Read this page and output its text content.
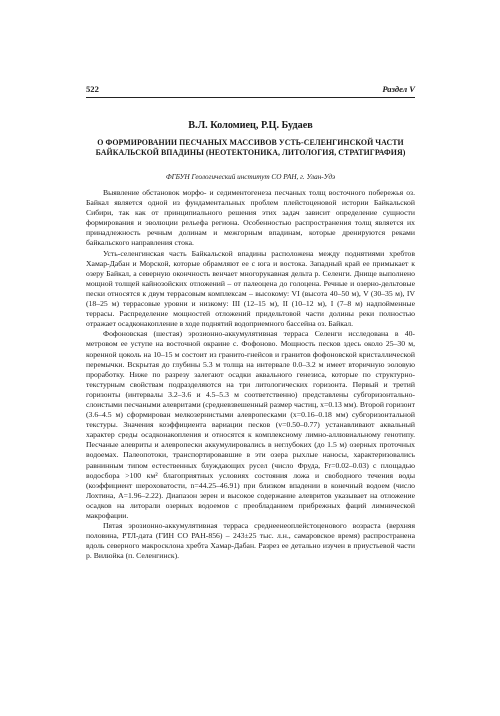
522	Раздел V
В.Л. Коломиец, Р.Ц. Будаев
О ФОРМИРОВАНИИ ПЕСЧАНЫХ МАССИВОВ УСТЬ-СЕЛЕНГИНСКОЙ ЧАСТИ
БАЙКАЛЬСКОЙ ВПАДИНЫ (НЕОТЕКТОНИКА, ЛИТОЛОГИЯ, СТРАТИГРАФИЯ)
ФГБУН Геологический институт СО РАН, г. Улан-Удэ

Выявление обстановок морфо- и седиментогенеза песчаных толщ восточного побережья оз. Байкал является одной из фундаментальных проблем плейстоценовой истории Байкальской Сибири, так как от принципиального решения этих задач зависит определение сущности формирования и эволюции рельефа региона. Особенностью распространения толщ является их принадлежность речным долинам и межгорным впадинам, которые дренируются реками байкальского направления стока.

Усть-селенгинская часть Байкальской впадины расположена между поднятиями хребтов Хамар-Дабан и Морской, которые обрамляют ее с юга и востока. Западный край ее примыкает к озеру Байкал, а северную окончность венчает многорукавная дельта р. Селенги. Днище выполнено мощной толщей кайнозойских отложений – от палеоцена до голоцена. Речные и озерно-дельтовые пески относятся к двум террасовым комплексам – высокому: VI (высота 40–50 м), V (30–35 м), IV (18–25 м) террасовые уровни и низкому: III (12–15 м), II (10–12 м), I (7–8 м) надпойменные террасы. Распределение мощностей отложений придельтовой части долины реки полностью отражает осадконакопление в ходе поднятий водоприемного бассейна оз. Байкал.

Фофоновская (шестая) эрозионно-аккумулятивная терраса Селенги исследована в 40-метровом ее уступе на восточной окраине с. Фофоново. Мощность песков здесь около 25–30 м, коренной цоколь на 10–15 м состоит из гранито-гнейсов и гранитов фофоновской кристаллической перемычки. Вскрытая до глубины 5.3 м толща на интервале 0.0–3.2 м имеет вторичную эоловую проработку. Ниже по разрезу залегают осадки аквального генезиса, которые по структурно-текстурным свойствам подразделяются на три литологических горизонта. Первый и третий горизонты (интервалы 3.2–3.6 и 4.5–5.3 м соответственно) представлены субгоризонтально-слоистыми песчаными алевритами (средневзвешенный размер частиц, x=0.13 мм). Второй горизонт (3.6–4.5 м) сформирован мелкозернистыми алевропесками (x=0.16–0.18 мм) субгоризонтальной текстуры. Значения коэффициента вариации песков (v=0.50–0.77) устанавливают аквальный характер среды осадконакопления и относятся к комплексному лимно-аллювиальному генотипу. Песчаные алевриты и алевропески аккумулировались в неглубоких (до 1.5 м) озерных проточных водоемах. Палеопотоки, транспортировавшие в эти озера рыхлые наносы, характеризовались равнинным типом естественных блуждающих русел (число Фруда, Fr=0.02–0.03) с площадью водосбора >100 км² благоприятных условиях состояния ложа и свободного течения воды (коэффициент шероховатости, n=44.25–46.91) при близком впадении в конечный водоем (число Лохтина, А=1.96–2.22). Диапазон зерен и высокое содержание алевритов указывает на отложение осадков на литорали озерных водоемов с преобладанием прибрежных фаций лимнической макрофации.

Пятая эрозионно-аккумулятивная терраса среднеенеоплейстоценового возраста (верхняя половина, РТЛ-дата (ГИН СО РАН-856) – 243±25 тыс. л.н., самаровское время) распространена вдоль северного макросклона хребта Хамар-Дабан. Разрез ее детально изучен в приустьевой части р. Вилюйка (п. Селенгинск).
